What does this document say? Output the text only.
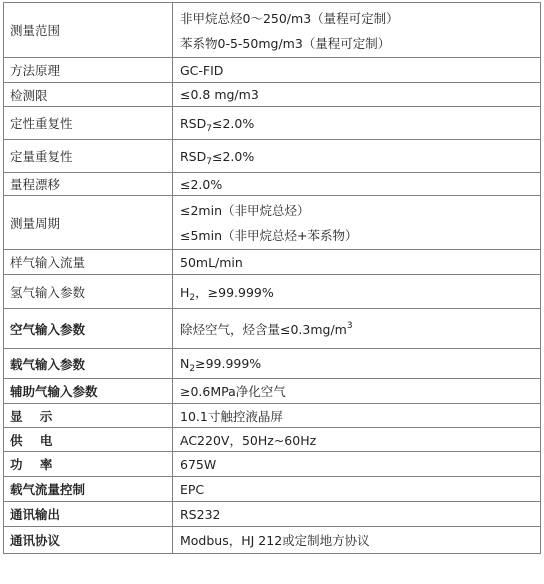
测量范围	非甲烷总烃0～250/m3（量程可定制）
苯系物0-5-50mg/m3（量程可定制）

方法原理	GC-FID

检测限	≤0.8 mg/m3

定性重复性	$RSD_7\le 2.0\%$

定量重复性	$RSD_7\le 2.0\%$

量程漂移	≤2.0%

测量周期	≤2min（非甲烷总烃）
≤5min（非甲烷总烃+苯系物）

样气输入流量	50mL/min

氢气输入参数	$H_2$，≥99.999%

空气输入参数	除烃空气，烃含量$\le 0.3mg/m^3$

载气输入参数	$N_2\ge 99.999\%$

辅助气输入参数	≥0.6MPa净化空气

显    示	10.1寸触控液晶屏

供    电	AC220V，50Hz~60Hz

功    率	675W

载气流量控制	EPC

通讯输出	RS232

通讯协议	Modbus，HJ 212或定制地方协议
